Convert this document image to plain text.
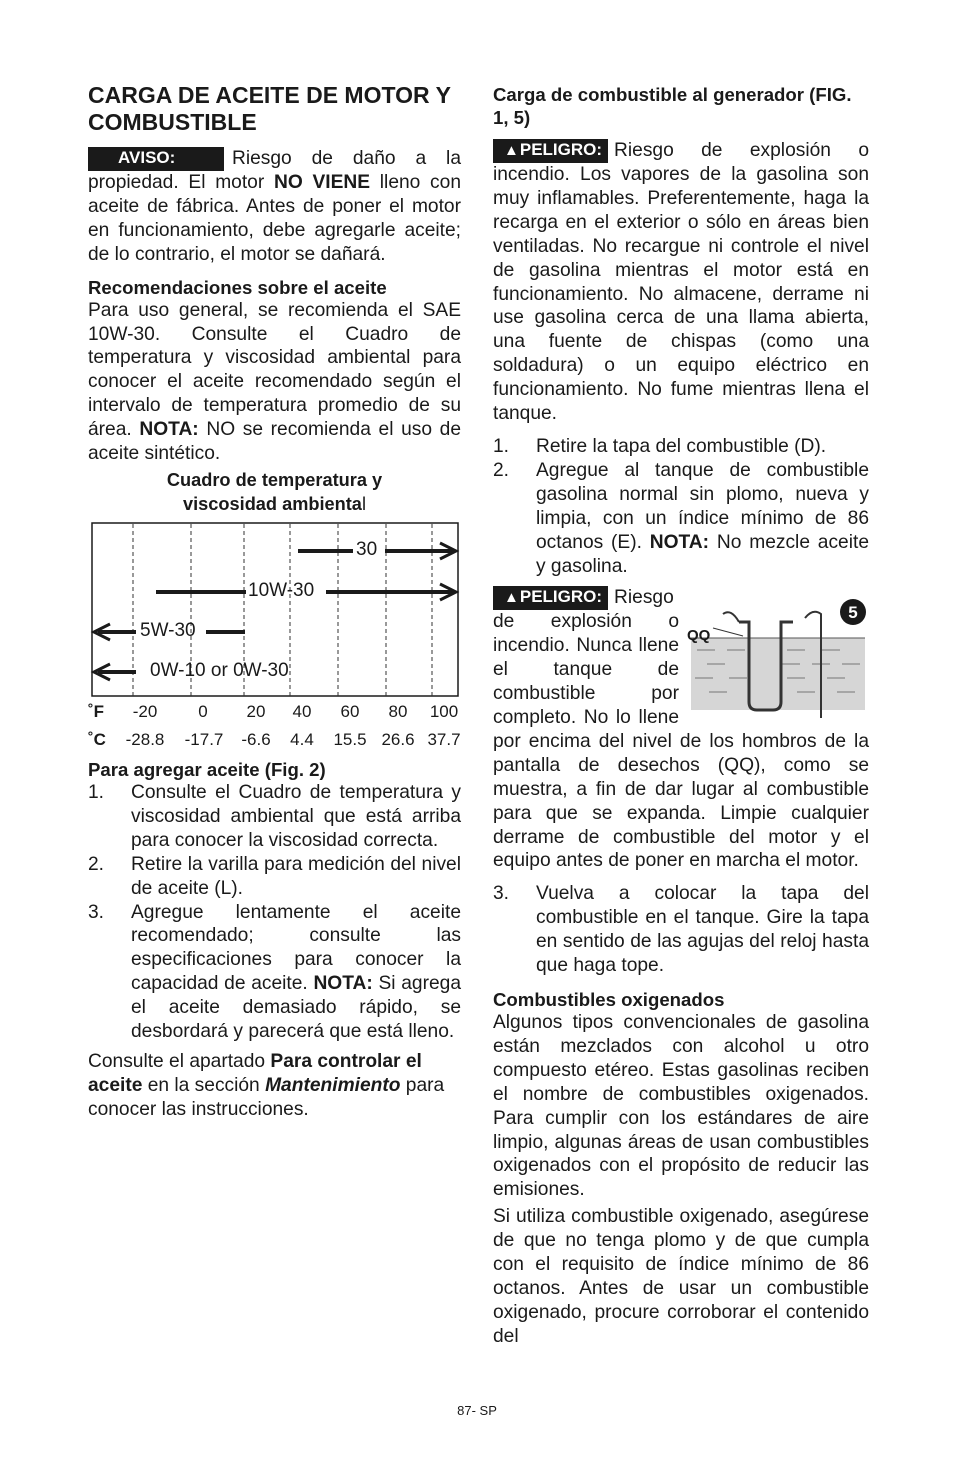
CARGA DE ACEITE DE MOTOR Y COMBUSTIBLE

AVISO:	Riesgo de daño a la propiedad. El motor NO VIENE lleno con aceite de fábrica. Antes de poner el motor en funcionamiento, debe agregarle aceite; de lo contrario, el motor se dañará.

Recomendaciones sobre el aceite

Para uso general, se recomienda el SAE 10W-30. Consulte el Cuadro de temperatura y viscosidad ambiental para conocer el aceite recomendado según el intervalo de temperatura promedio de su área. NOTA: NO se recomienda el uso de aceite sintético.

Cuadro de temperatura y
viscosidad ambiental
30
10W-30
5W-30
0W-10 or 0W-30
˚F
˚C
-20 0 20 40 60 80 100
-28.8 -17.7 -6.6 4.4 15.5 26.6 37.7
Para agregar aceite (Fig. 2)
1. Consulte el Cuadro de temperatura y viscosidad ambiental que está arriba para conocer la viscosidad correcta.
2. Retire la varilla para medición del nivel de aceite (L).
3. Agregue lentamente el aceite recomendado; consulte las especificaciones para conocer la capacidad de aceite. NOTA: Si agrega el aceite demasiado rápido, se desbordará y parecerá que está lleno.

Consulte el apartado Para controlar el aceite en la sección Mantenimiento para conocer las instrucciones.

Carga de combustible al generador (FIG. 1, 5)

▲PELIGRO: Riesgo de explosión o incendio. Los vapores de la gasolina son muy inflamables. Preferentemente, haga la recarga en el exterior o sólo en áreas bien ventiladas. No recargue ni controle el nivel de gasolina mientras el motor está en funcionamiento. No almacene, derrame ni use gasolina cerca de una llama abierta, una fuente de chispas (como una soldadura) o un equipo eléctrico en funcionamiento. No fume mientras llena el tanque.

1. Retire la tapa del combustible (D).
2. Agregue al tanque de combustible gasolina normal sin plomo, nueva y limpia, con un índice mínimo de 86 octanos (E). NOTA: No mezcle aceite y gasolina.
▲PELIGRO:
QQ
5
Riesgo de explosión o incendio. Nunca llene el tanque de combustible por completo. No lo llene por encima del nivel de los hombros de la pantalla de desechos (QQ), como se muestra, a fin de dar lugar al combustible para que se expanda. Limpie cualquier derrame de combustible del motor y el equipo antes de poner en marcha el motor.
3. Vuelva a colocar la tapa del combustible en el tanque. Gire la tapa en sentido de las agujas del reloj hasta que haga tope.
Combustibles oxigenados

Algunos tipos convencionales de gasolina están mezclados con alcohol u otro compuesto etéreo. Estas gasolinas reciben el nombre de combustibles oxigenados. Para cumplir con los estándares de aire limpio, algunas áreas de usan combustibles oxigenados con el propósito de reducir las emisiones.

Si utiliza combustible oxigenado, asegúrese de que no tenga plomo y de que cumpla con el requisito de índice mínimo de 86 octanos. Antes de usar un combustible oxigenado, procure corroborar el contenido del

87- SP
